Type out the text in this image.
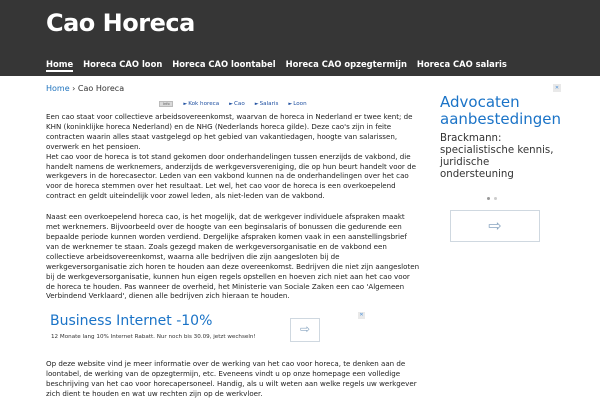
Cao Horeca
Home Horeca CAO loon Horeca CAO loontabel Horeca CAO opzegtermijn Horeca CAO salaris
Home › Cao Horeca
Info	►Kok horeca ►Cao ►Salaris ►Loon

Een cao staat voor collectieve arbeidsovereenkomst, waarvan de horeca in Nederland er twee kent; de KHN (koninklijke horeca Nederland) en de NHG (Nederlands horeca gilde). Deze cao's zijn in feite contracten waarin alles staat vastgelegd op het gebied van vakantiedagen, hoogte van salarissen, overwerk en het pensioen.
Het cao voor de horeca is tot stand gekomen door onderhandelingen tussen enerzijds de vakbond, die handelt namens de werknemers, anderzijds de werkgeversvereniging, die op hun beurt handelt voor de werkgevers in de horecasector. Leden van een vakbond kunnen na de onderhandelingen over het cao voor de horeca stemmen over het resultaat. Let wel, het cao voor de horeca is een overkoepelend contract en geldt uiteindelijk voor zowel leden, als niet-leden van de vakbond.

Naast een overkoepelend horeca cao, is het mogelijk, dat de werkgever individuele afspraken maakt met werknemers. Bijvoorbeeld over de hoogte van een beginsalaris of bonussen die gedurende een bepaalde periode kunnen worden verdiend. Dergelijke afspraken komen vaak in een aanstellingsbrief van de werknemer te staan. Zoals gezegd maken de werkgeversorganisatie en de vakbond een collectieve arbeidsovereenkomst, waarna alle bedrijven die zijn aangesloten bij de werkgeversorganisatie zich horen te houden aan deze overeenkomst. Bedrijven die niet zijn aangesloten bij de werkgeversorganisatie, kunnen hun eigen regels opstellen en hoeven zich niet aan het cao voor de horeca te houden. Pas wanneer de overheid, het Ministerie van Sociale Zaken een cao 'Algemeen Verbindend Verklaard', dienen alle bedrijven zich hieraan te houden.

Business Internet -10%
12 Monate lang 10% Internet Rabatt. Nur noch bis 30.09, jetzt wechseln!
⇨
✕

Op deze website vind je meer informatie over de werking van het cao voor horeca, te denken aan de loontabel, de werking van de opzegtermijn, etc. Eveneens vindt u op onze homepage een volledige beschrijving van het cao voor horecapersoneel. Handig, als u wilt weten aan welke regels uw werkgever zich dient te houden en wat uw rechten zijn op de werkvloer.

✕
Advocaten aanbestedingen
Brackmann: specialistische kennis, juridische ondersteuning
⇨
